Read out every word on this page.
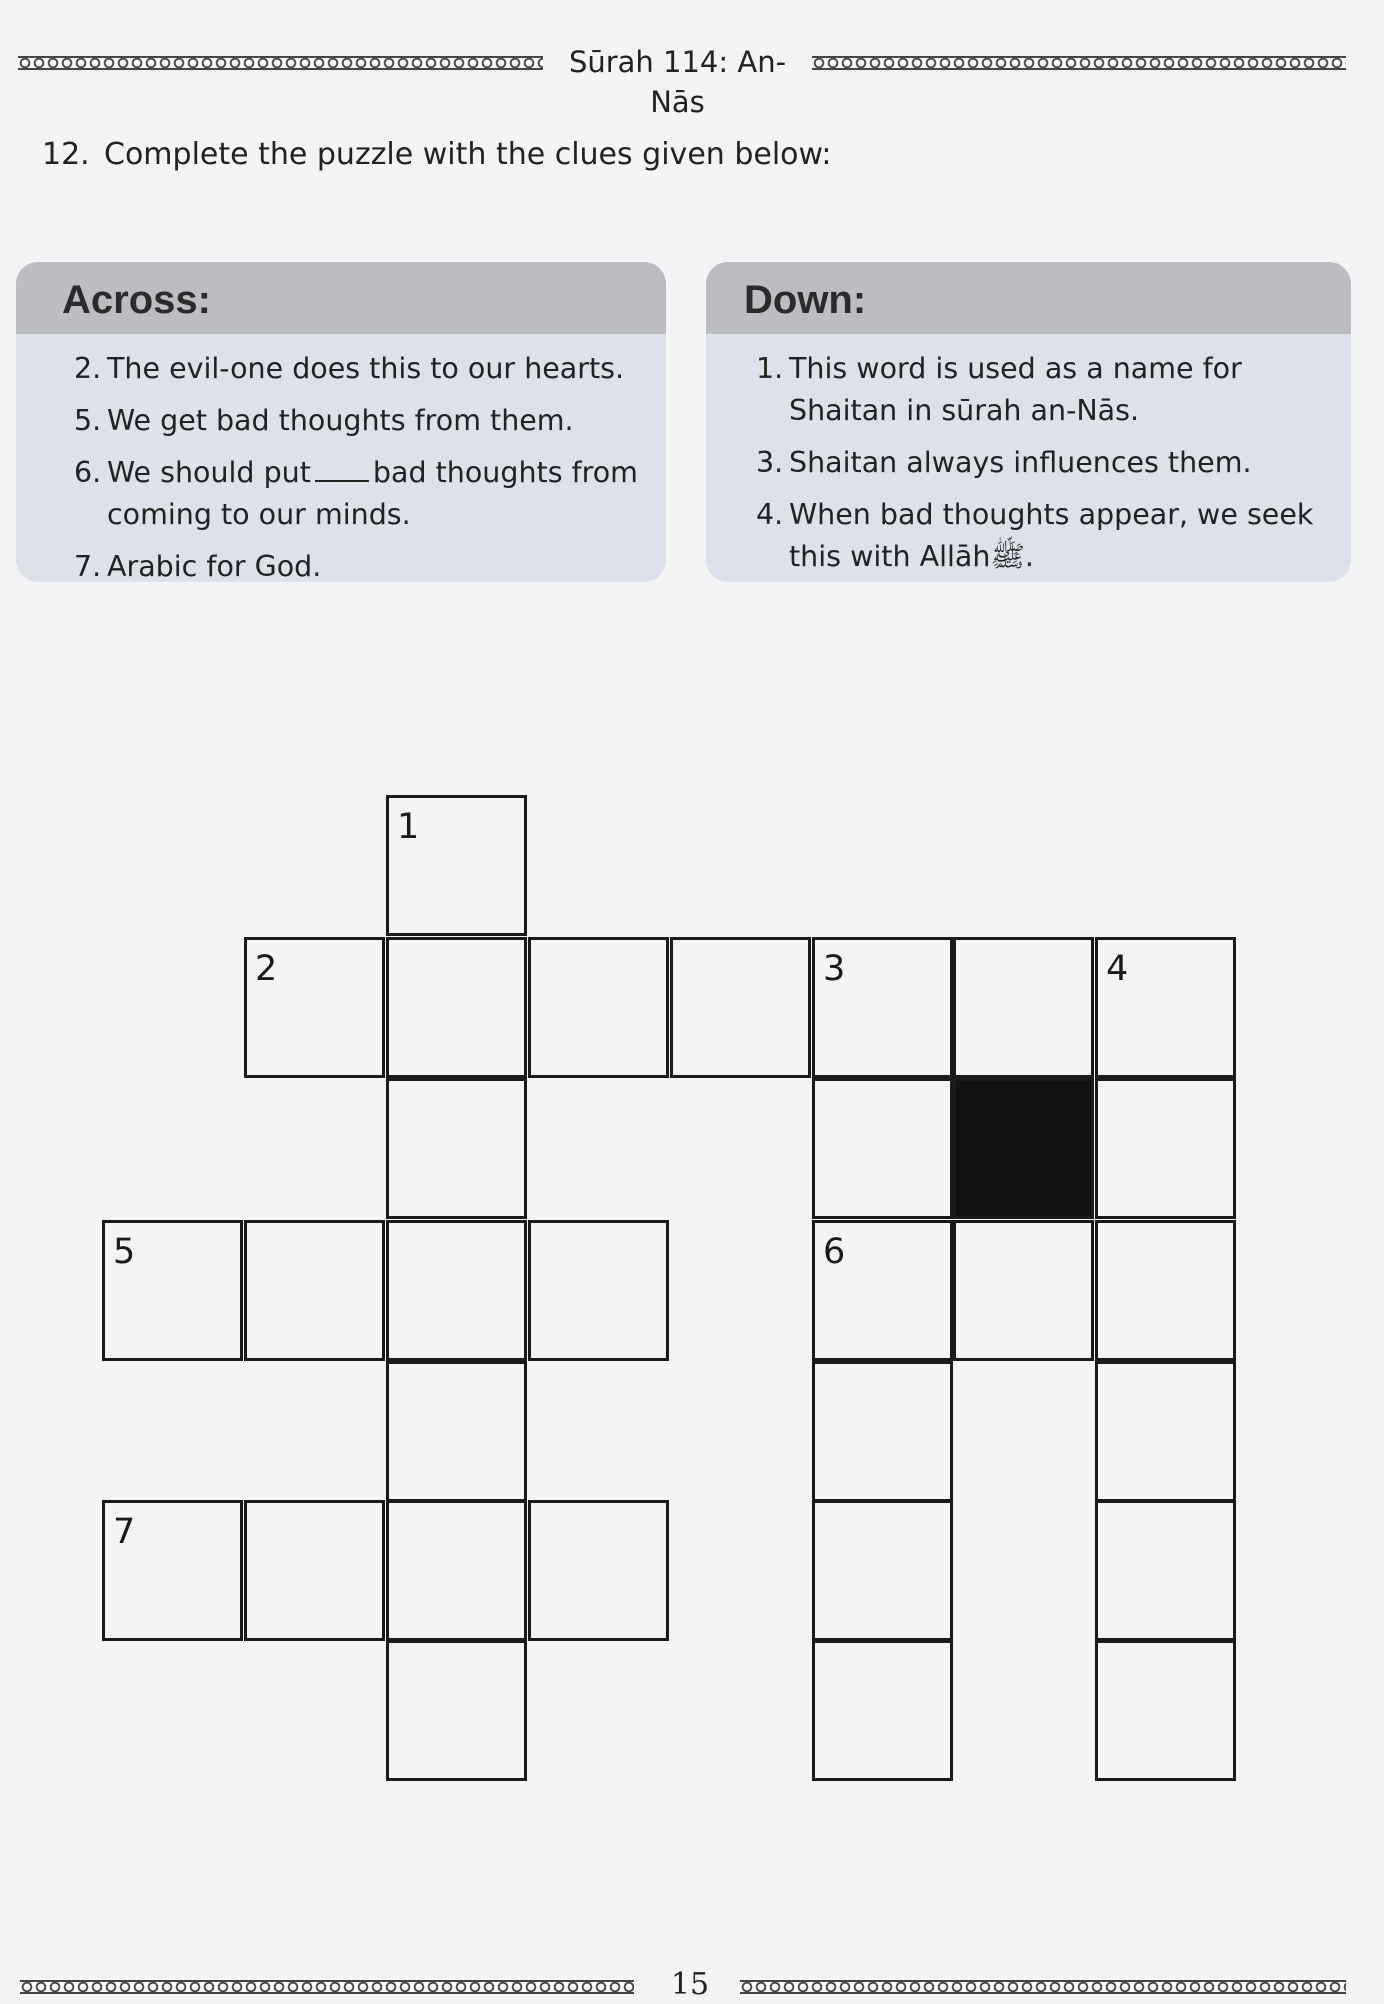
Sūrah 114: An-Nās
12. Complete the puzzle with the clues given below:
Across:
2. The evil-one does this to our hearts.
5. We get bad thoughts from them.
6. We should put bad thoughts from coming to our minds.
7. Arabic for God.
Down:
1. This word is used as a name for Shaitan in sūrah an-Nās.
3. Shaitan always influences them.
4. When bad thoughts appear, we seek this with Allāhﷺ.
1
2	3	4
5	6
7
15
